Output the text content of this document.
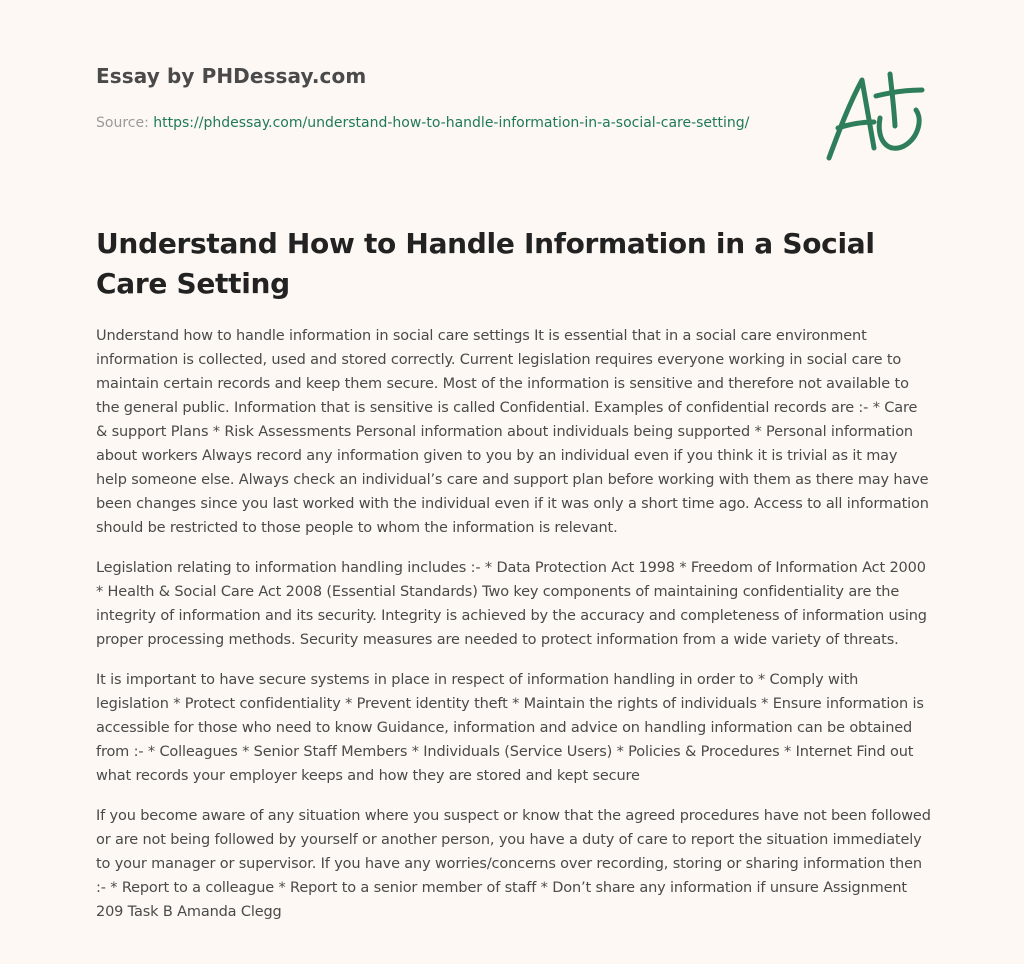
Essay by PHDessay.com
Source: https://phdessay.com/understand-how-to-handle-information-in-a-social-care-setting/
Understand How to Handle Information in a Social Care Setting

Understand how to handle information in social care settings It is essential that in a social care environment information is collected, used and stored correctly. Current legislation requires everyone working in social care to maintain certain records and keep them secure. Most of the information is sensitive and therefore not available to the general public. Information that is sensitive is called Confidential. Examples of confidential records are :- * Care & support Plans * Risk Assessments Personal information about individuals being supported * Personal information about workers Always record any information given to you by an individual even if you think it is trivial as it may help someone else. Always check an individual’s care and support plan before working with them as there may have been changes since you last worked with the individual even if it was only a short time ago. Access to all information should be restricted to those people to whom the information is relevant.

Legislation relating to information handling includes :- * Data Protection Act 1998 * Freedom of Information Act 2000 * Health & Social Care Act 2008 (Essential Standards) Two key components of maintaining confidentiality are the integrity of information and its security. Integrity is achieved by the accuracy and completeness of information using proper processing methods. Security measures are needed to protect information from a wide variety of threats.

It is important to have secure systems in place in respect of information handling in order to * Comply with legislation * Protect confidentiality * Prevent identity theft * Maintain the rights of individuals * Ensure information is accessible for those who need to know Guidance, information and advice on handling information can be obtained from :- * Colleagues * Senior Staff Members * Individuals (Service Users) * Policies & Procedures * Internet Find out what records your employer keeps and how they are stored and kept secure

If you become aware of any situation where you suspect or know that the agreed procedures have not been followed or are not being followed by yourself or another person, you have a duty of care to report the situation immediately to your manager or supervisor. If you have any worries/concerns over recording, storing or sharing information then :- * Report to a colleague * Report to a senior member of staff * Don’t share any information if unsure Assignment 209 Task B Amanda Clegg
